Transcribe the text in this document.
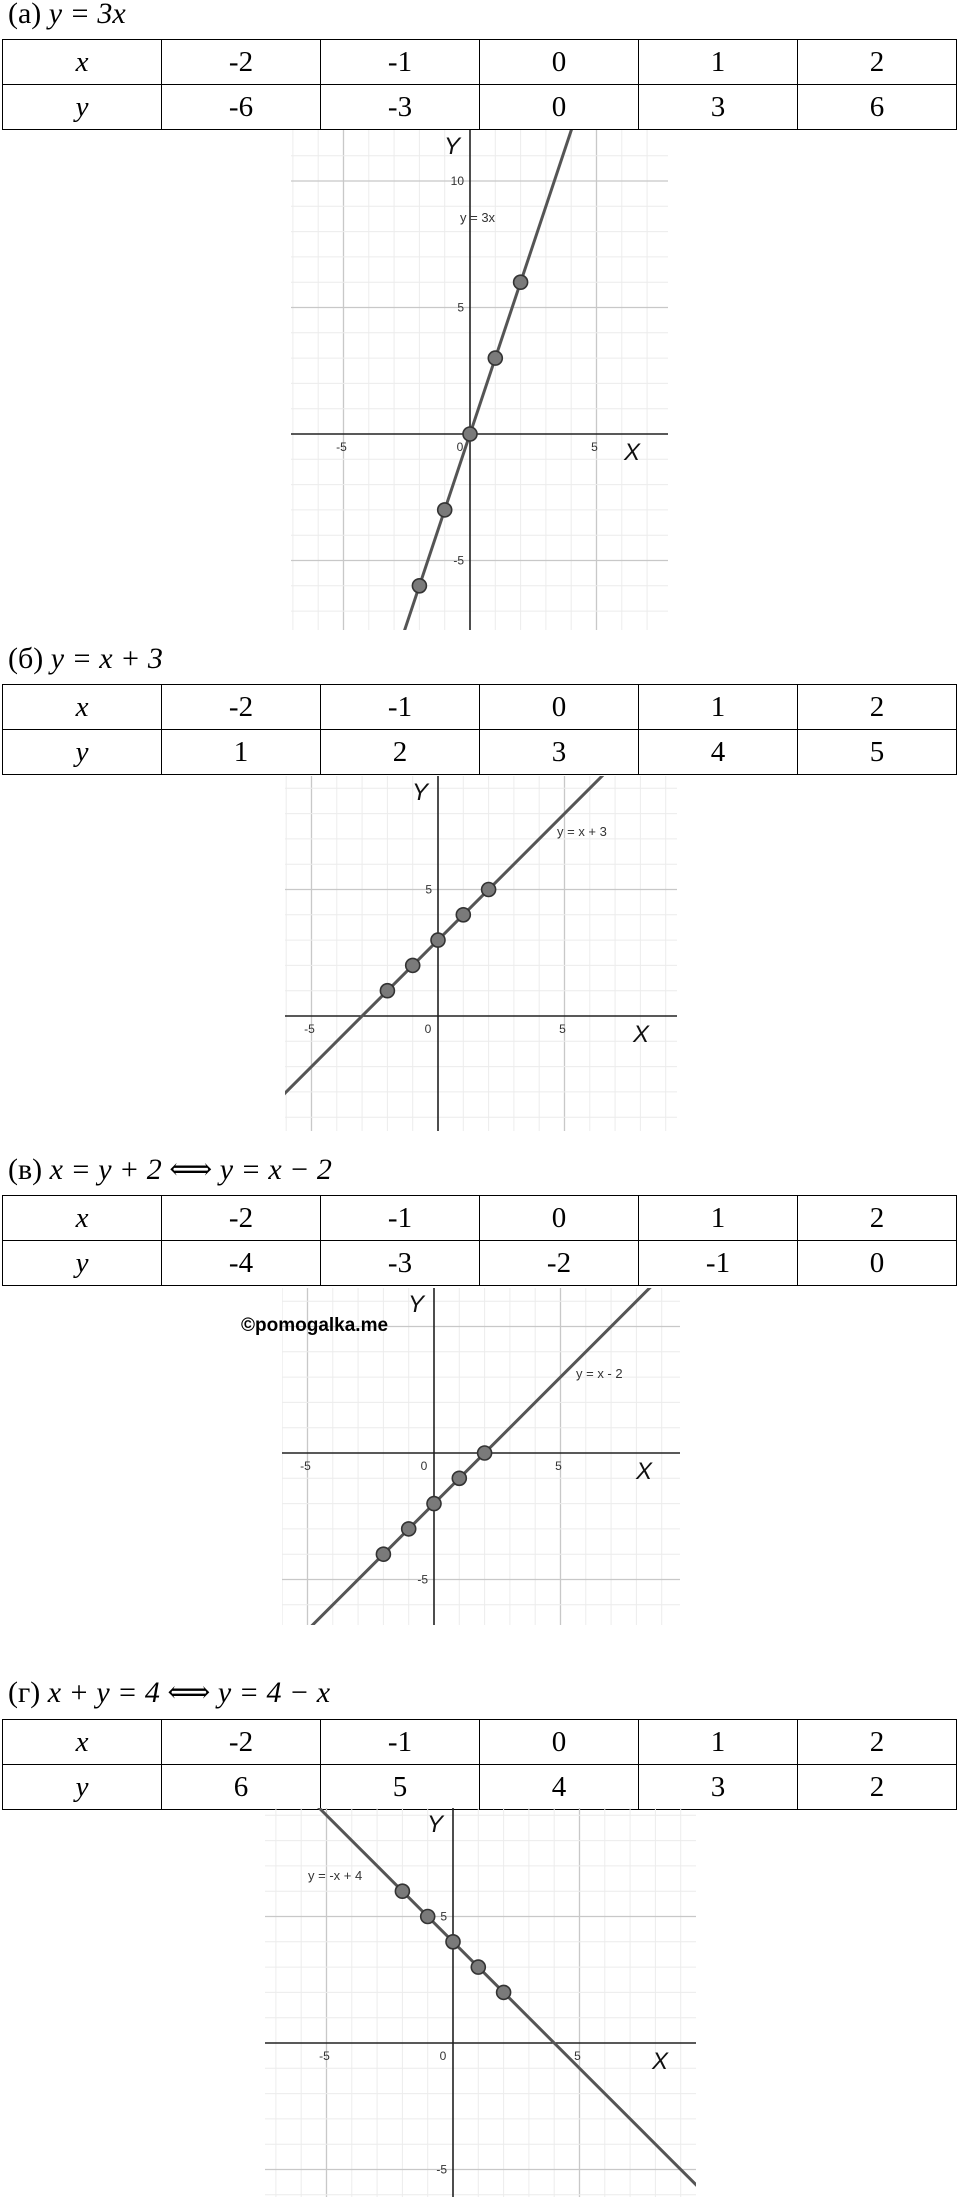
(а) y = 3x
x	-2	-1	0	1	2
y	-6	-3	0	3	6
-5	0	5
10
5
-5
X
Y
y = 3x
(б) y = x + 3
x	-2	-1	0	1	2
y	1	2	3	4	5
-5	0	5
5
X
Y
y = x + 3
(в) x = y + 2 ⟺ y = x − 2
x	-2	-1	0	1	2
y	-4	-3	-2	-1	0
-5	0	5
-5
X
Y
y = x - 2
©pomogalka.me
(г) x + y = 4 ⟺ y = 4 − x
x	-2	-1	0	1	2
y	6	5	4	3	2
-5	0	5
5
-5
X
Y
y = -x + 4
